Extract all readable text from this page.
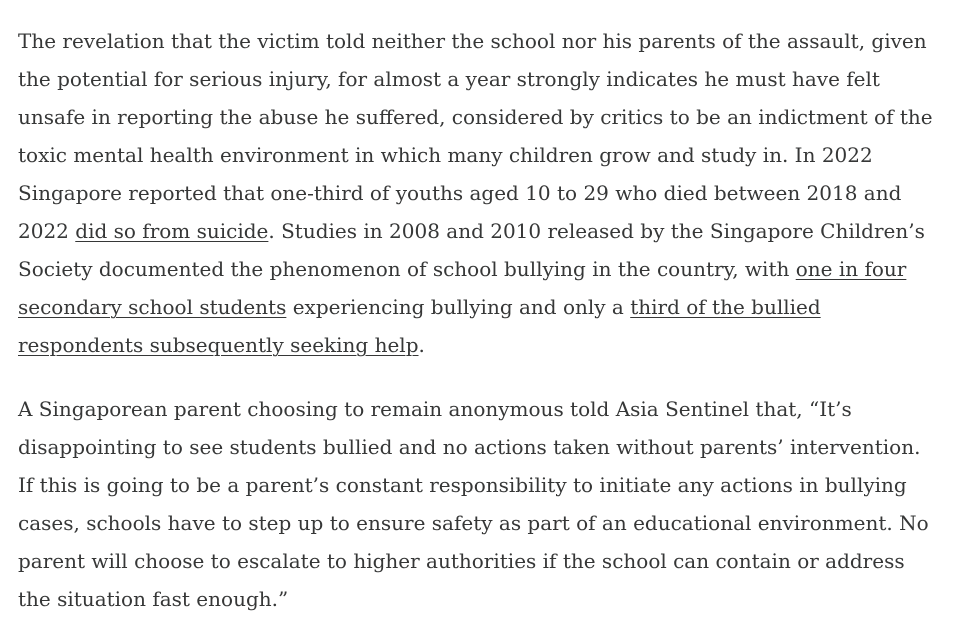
The revelation that the victim told neither the school nor his parents of the assault, given the potential for serious injury, for almost a year strongly indicates he must have felt unsafe in reporting the abuse he suffered, considered by critics to be an indictment of the toxic mental health environment in which many children grow and study in. In 2022 Singapore reported that one-third of youths aged 10 to 29 who died between 2018 and 2022 did so from suicide. Studies in 2008 and 2010 released by the Singapore Children’s Society documented the phenomenon of school bullying in the country, with one in four secondary school students experiencing bullying and only a third of the bullied respondents subsequently seeking help.

A Singaporean parent choosing to remain anonymous told Asia Sentinel that, “It’s disappointing to see students bullied and no actions taken without parents’ intervention. If this is going to be a parent’s constant responsibility to initiate any actions in bullying cases, schools have to step up to ensure safety as part of an educational environment. No parent will choose to escalate to higher authorities if the school can contain or address the situation fast enough.”
